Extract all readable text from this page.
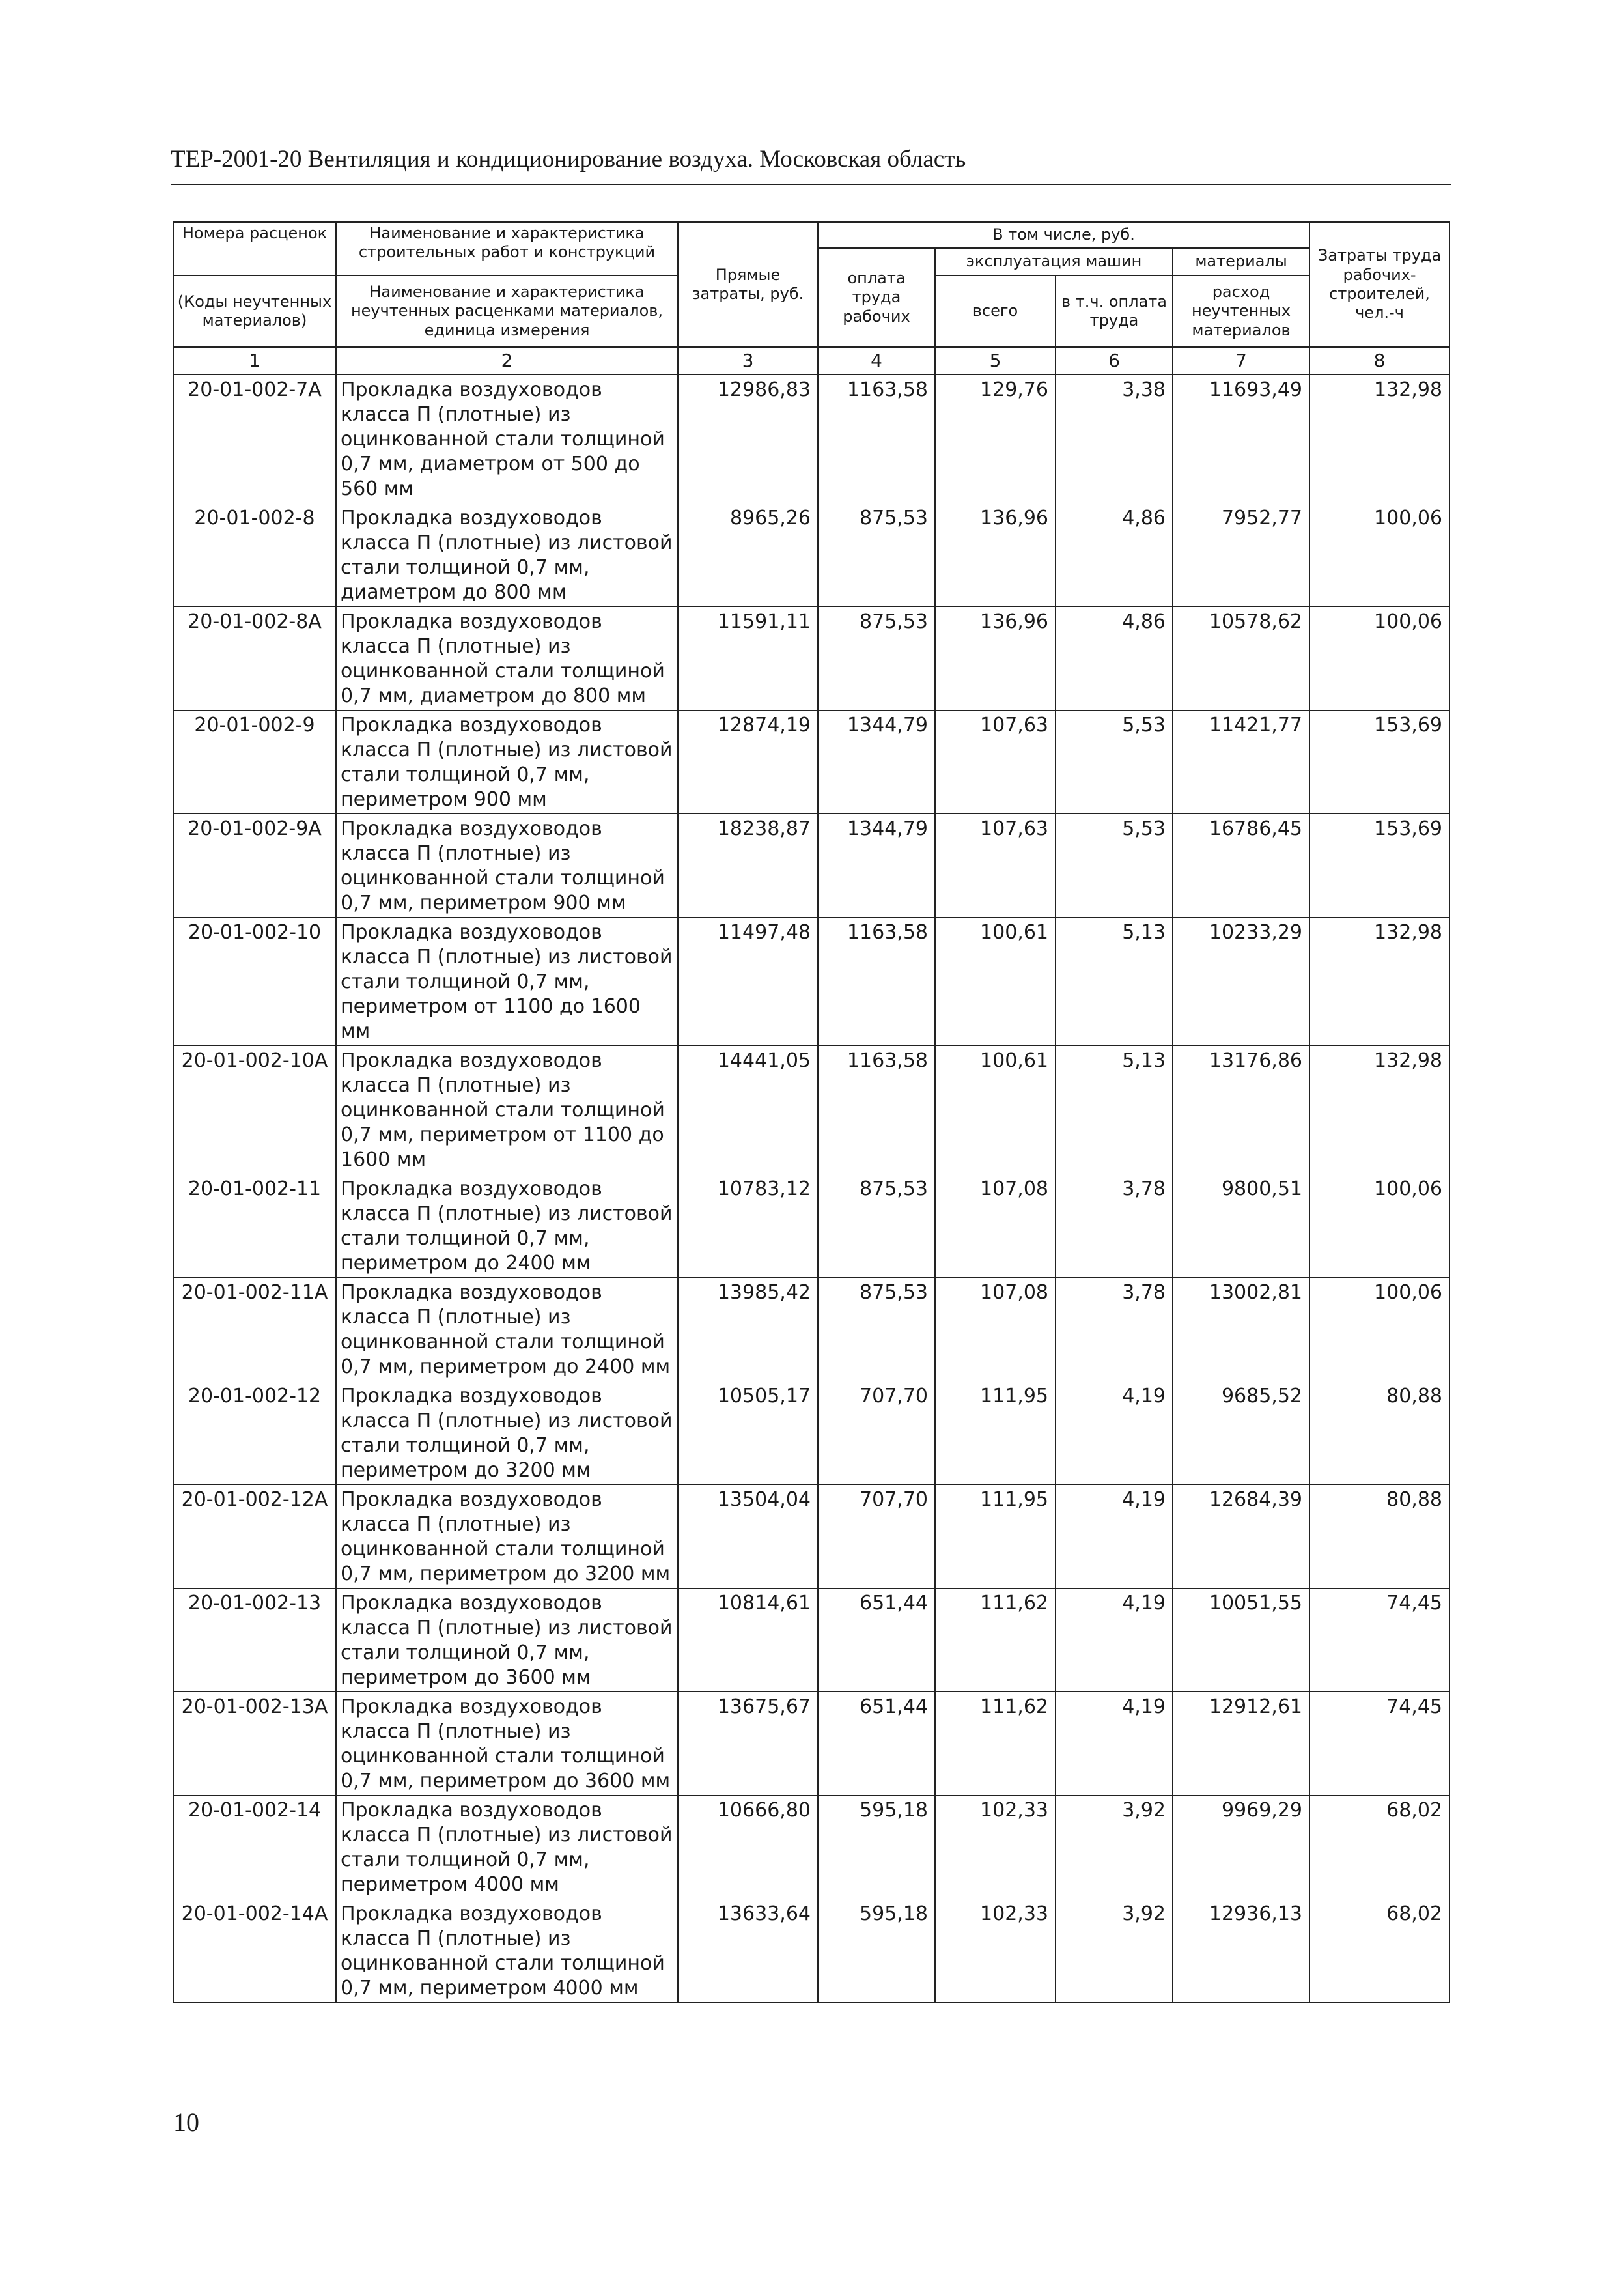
ТЕР-2001-20 Вентиляция и кондиционирование воздуха. Московская область
Номера расценок	Наименование и характеристика строительных работ и конструкций	Прямые затраты, руб.	В том числе, руб.				Затраты труда рабочих-строителей, чел.-ч
			оплата труда рабочих	эксплуатация машин		материалы	
(Коды неучтенных материалов)	Наименование и характеристика неучтенных расценками материалов, единица измерения			всего	в т.ч. оплата труда	расход неучтенных материалов	

1	2	3	4	5	6	7	8
20-01-002-7А	Прокладка воздуховодов класса П (плотные) из оцинкованной стали толщиной 0,7 мм, диаметром от 500 до 560 мм	12986,83	1163,58	129,76	3,38	11693,49	132,98
20-01-002-8	Прокладка воздуховодов класса П (плотные) из листовой стали толщиной 0,7 мм, диаметром до 800 мм	8965,26	875,53	136,96	4,86	7952,77	100,06
20-01-002-8А	Прокладка воздуховодов класса П (плотные) из оцинкованной стали толщиной 0,7 мм, диаметром до 800 мм	11591,11	875,53	136,96	4,86	10578,62	100,06
20-01-002-9	Прокладка воздуховодов класса П (плотные) из листовой стали толщиной 0,7 мм, периметром 900 мм	12874,19	1344,79	107,63	5,53	11421,77	153,69
20-01-002-9А	Прокладка воздуховодов класса П (плотные) из оцинкованной стали толщиной 0,7 мм, периметром 900 мм	18238,87	1344,79	107,63	5,53	16786,45	153,69
20-01-002-10	Прокладка воздуховодов класса П (плотные) из листовой стали толщиной 0,7 мм, периметром от 1100 до 1600 мм	11497,48	1163,58	100,61	5,13	10233,29	132,98
20-01-002-10А	Прокладка воздуховодов класса П (плотные) из оцинкованной стали толщиной 0,7 мм, периметром от 1100 до 1600 мм	14441,05	1163,58	100,61	5,13	13176,86	132,98
20-01-002-11	Прокладка воздуховодов класса П (плотные) из листовой стали толщиной 0,7 мм, периметром до 2400 мм	10783,12	875,53	107,08	3,78	9800,51	100,06
20-01-002-11А	Прокладка воздуховодов класса П (плотные) из оцинкованной стали толщиной 0,7 мм, периметром до 2400 мм	13985,42	875,53	107,08	3,78	13002,81	100,06
20-01-002-12	Прокладка воздуховодов класса П (плотные) из листовой стали толщиной 0,7 мм, периметром до 3200 мм	10505,17	707,70	111,95	4,19	9685,52	80,88
20-01-002-12А	Прокладка воздуховодов класса П (плотные) из оцинкованной стали толщиной 0,7 мм, периметром до 3200 мм	13504,04	707,70	111,95	4,19	12684,39	80,88
20-01-002-13	Прокладка воздуховодов класса П (плотные) из листовой стали толщиной 0,7 мм, периметром до 3600 мм	10814,61	651,44	111,62	4,19	10051,55	74,45
20-01-002-13А	Прокладка воздуховодов класса П (плотные) из оцинкованной стали толщиной 0,7 мм, периметром до 3600 мм	13675,67	651,44	111,62	4,19	12912,61	74,45
20-01-002-14	Прокладка воздуховодов класса П (плотные) из листовой стали толщиной 0,7 мм, периметром 4000 мм	10666,80	595,18	102,33	3,92	9969,29	68,02
20-01-002-14А	Прокладка воздуховодов класса П (плотные) из оцинкованной стали толщиной 0,7 мм, периметром 4000 мм	13633,64	595,18	102,33	3,92	12936,13	68,02
10
